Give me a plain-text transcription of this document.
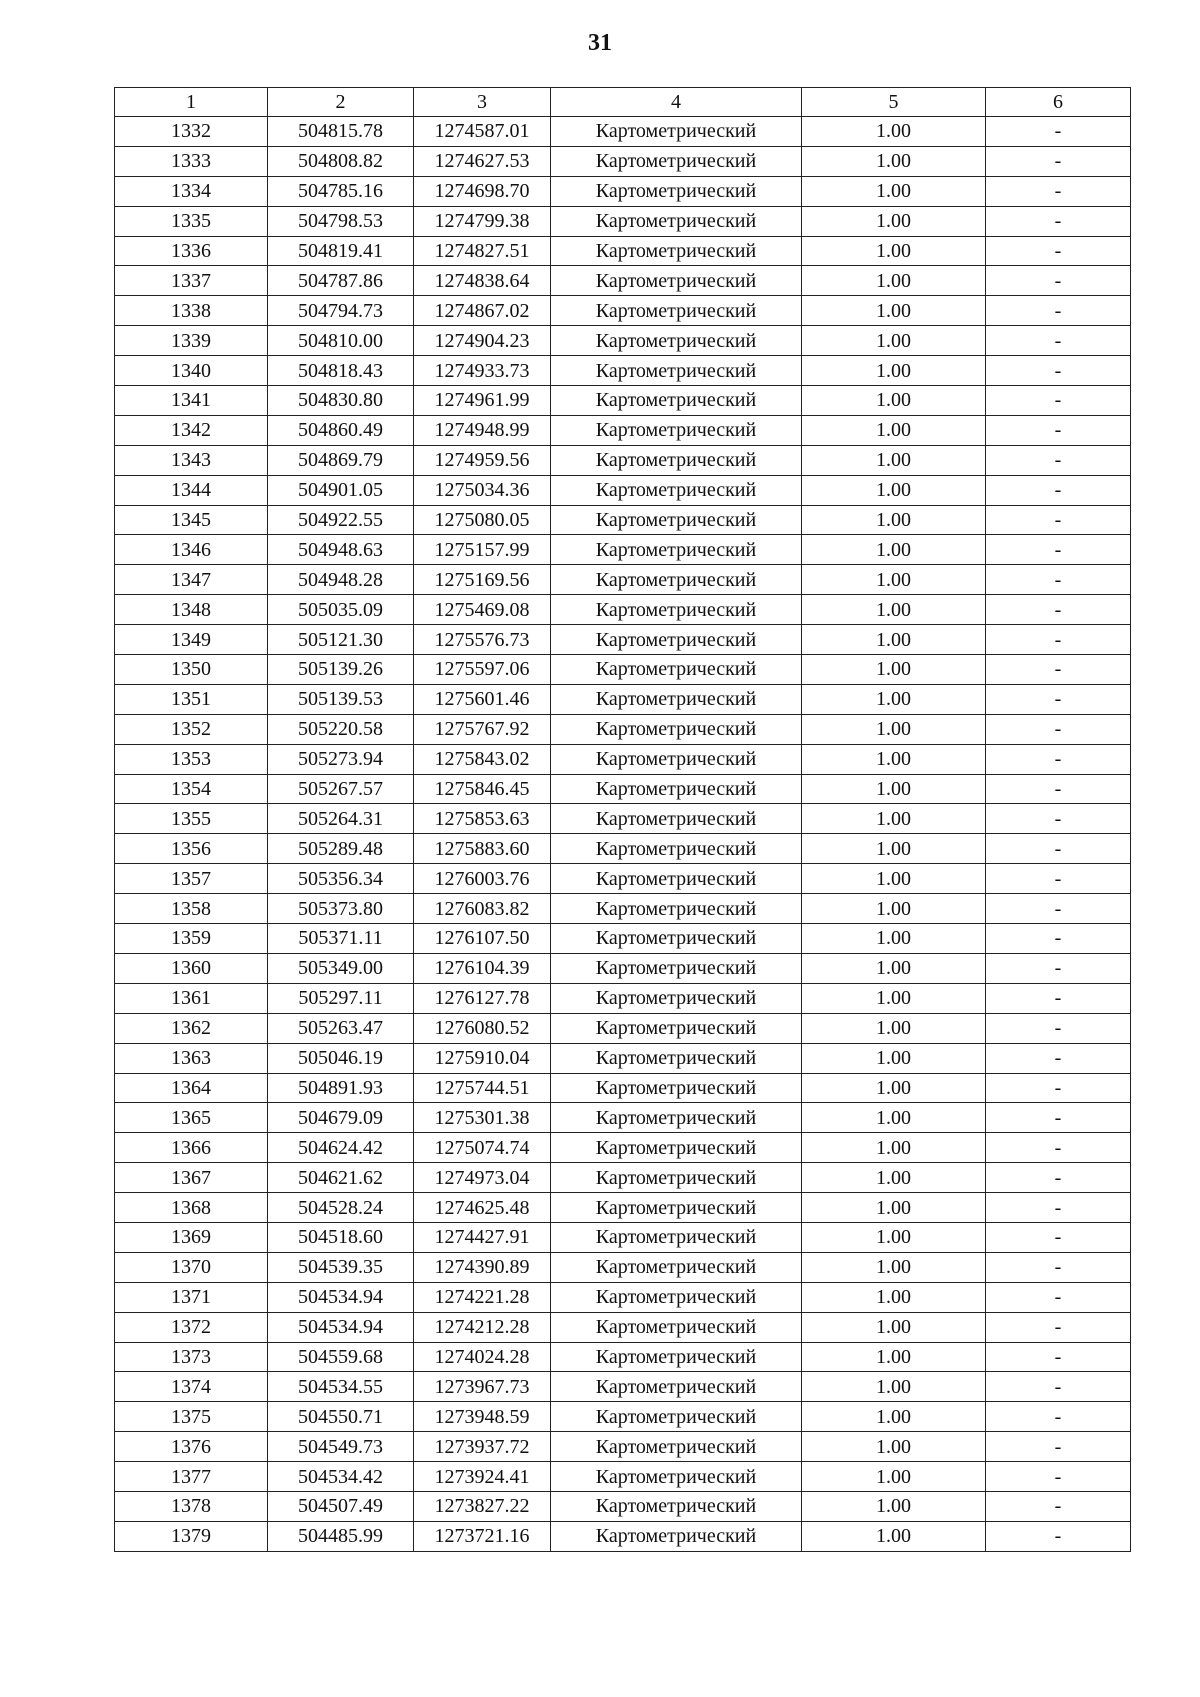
31
1	2	3	4	5	6
1332	504815.78	1274587.01	Картометрический	1.00	-
1333	504808.82	1274627.53	Картометрический	1.00	-
1334	504785.16	1274698.70	Картометрический	1.00	-
1335	504798.53	1274799.38	Картометрический	1.00	-
1336	504819.41	1274827.51	Картометрический	1.00	-
1337	504787.86	1274838.64	Картометрический	1.00	-
1338	504794.73	1274867.02	Картометрический	1.00	-
1339	504810.00	1274904.23	Картометрический	1.00	-
1340	504818.43	1274933.73	Картометрический	1.00	-
1341	504830.80	1274961.99	Картометрический	1.00	-
1342	504860.49	1274948.99	Картометрический	1.00	-
1343	504869.79	1274959.56	Картометрический	1.00	-
1344	504901.05	1275034.36	Картометрический	1.00	-
1345	504922.55	1275080.05	Картометрический	1.00	-
1346	504948.63	1275157.99	Картометрический	1.00	-
1347	504948.28	1275169.56	Картометрический	1.00	-
1348	505035.09	1275469.08	Картометрический	1.00	-
1349	505121.30	1275576.73	Картометрический	1.00	-
1350	505139.26	1275597.06	Картометрический	1.00	-
1351	505139.53	1275601.46	Картометрический	1.00	-
1352	505220.58	1275767.92	Картометрический	1.00	-
1353	505273.94	1275843.02	Картометрический	1.00	-
1354	505267.57	1275846.45	Картометрический	1.00	-
1355	505264.31	1275853.63	Картометрический	1.00	-
1356	505289.48	1275883.60	Картометрический	1.00	-
1357	505356.34	1276003.76	Картометрический	1.00	-
1358	505373.80	1276083.82	Картометрический	1.00	-
1359	505371.11	1276107.50	Картометрический	1.00	-
1360	505349.00	1276104.39	Картометрический	1.00	-
1361	505297.11	1276127.78	Картометрический	1.00	-
1362	505263.47	1276080.52	Картометрический	1.00	-
1363	505046.19	1275910.04	Картометрический	1.00	-
1364	504891.93	1275744.51	Картометрический	1.00	-
1365	504679.09	1275301.38	Картометрический	1.00	-
1366	504624.42	1275074.74	Картометрический	1.00	-
1367	504621.62	1274973.04	Картометрический	1.00	-
1368	504528.24	1274625.48	Картометрический	1.00	-
1369	504518.60	1274427.91	Картометрический	1.00	-
1370	504539.35	1274390.89	Картометрический	1.00	-
1371	504534.94	1274221.28	Картометрический	1.00	-
1372	504534.94	1274212.28	Картометрический	1.00	-
1373	504559.68	1274024.28	Картометрический	1.00	-
1374	504534.55	1273967.73	Картометрический	1.00	-
1375	504550.71	1273948.59	Картометрический	1.00	-
1376	504549.73	1273937.72	Картометрический	1.00	-
1377	504534.42	1273924.41	Картометрический	1.00	-
1378	504507.49	1273827.22	Картометрический	1.00	-
1379	504485.99	1273721.16	Картометрический	1.00	-
